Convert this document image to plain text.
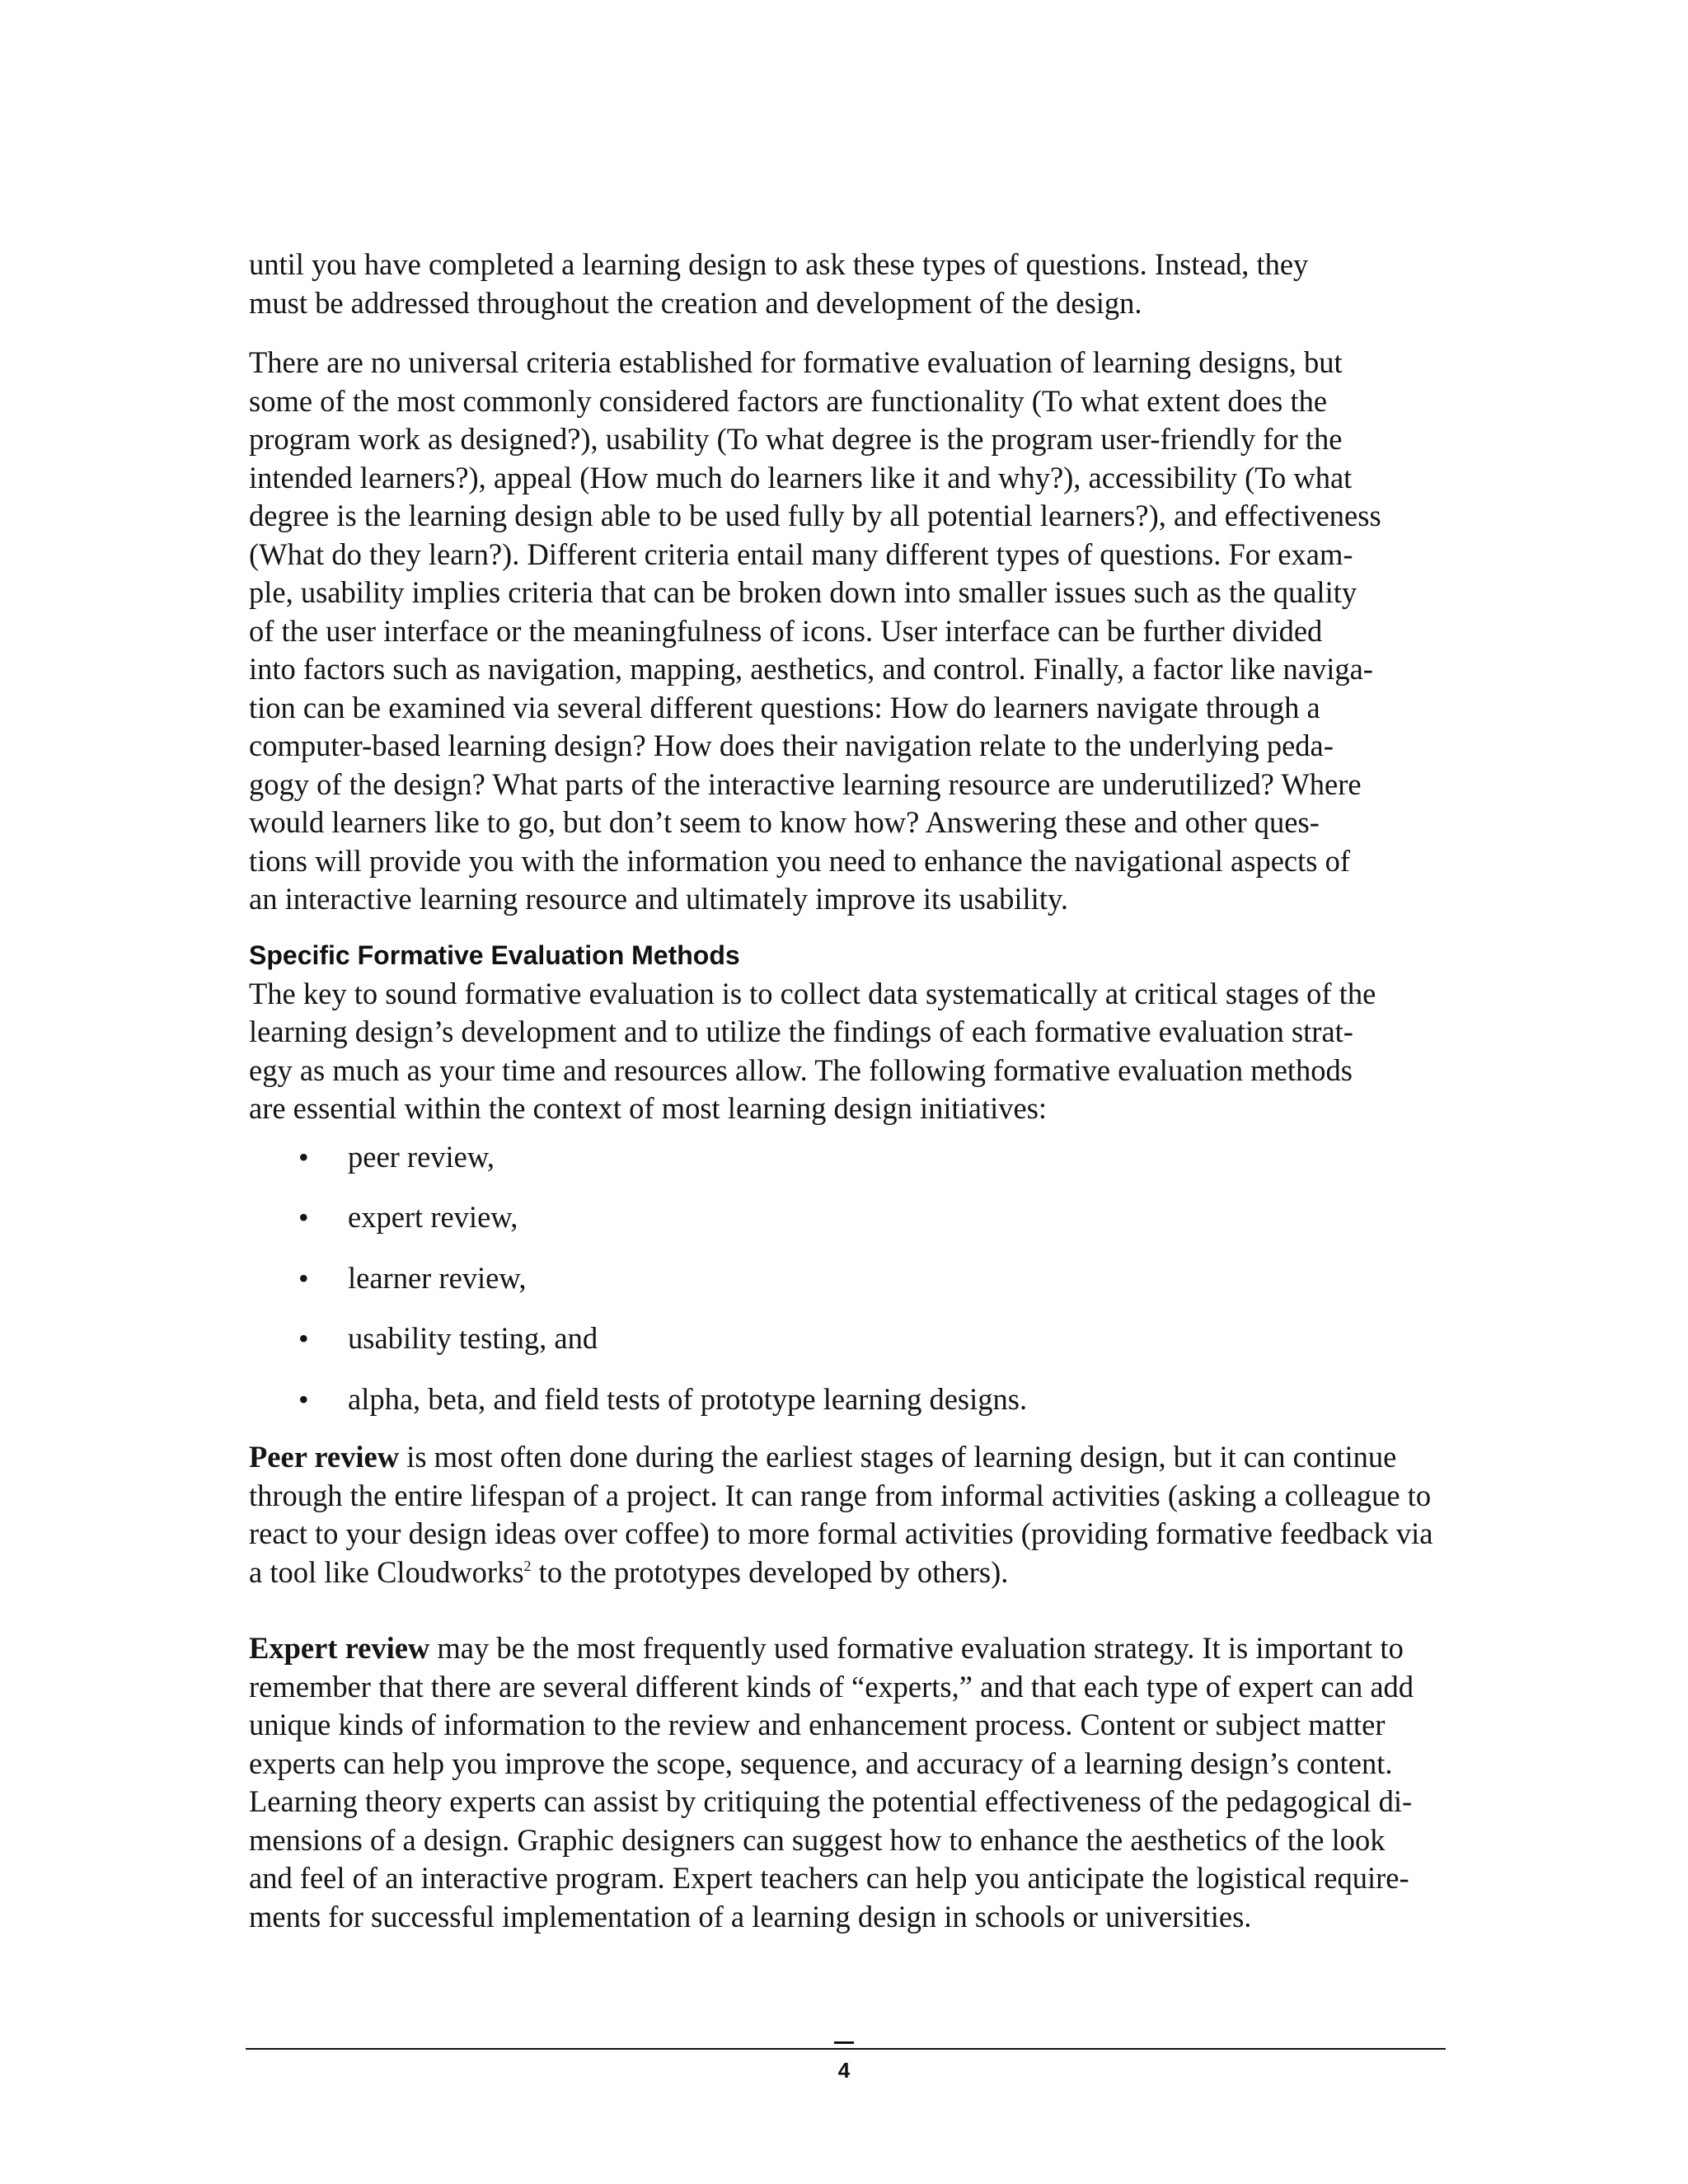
until you have completed a learning design to ask these types of questions. Instead, they
must be addressed throughout the creation and development of the design.

There are no universal criteria established for formative evaluation of learning designs, but
some of the most commonly considered factors are functionality (To what extent does the
program work as designed?), usability (To what degree is the program user-friendly for the
intended learners?), appeal (How much do learners like it and why?), accessibility (To what
degree is the learning design able to be used fully by all potential learners?), and effectiveness
(What do they learn?). Different criteria entail many different types of questions. For exam-
ple, usability implies criteria that can be broken down into smaller issues such as the quality
of the user interface or the meaningfulness of icons. User interface can be further divided
into factors such as navigation, mapping, aesthetics, and control. Finally, a factor like naviga-
tion can be examined via several different questions: How do learners navigate through a
computer-based learning design? How does their navigation relate to the underlying peda-
gogy of the design? What parts of the interactive learning resource are underutilized? Where
would learners like to go, but don’t seem to know how? Answering these and other ques-
tions will provide you with the information you need to enhance the navigational aspects of
an interactive learning resource and ultimately improve its usability.

Specific Formative Evaluation Methods

The key to sound formative evaluation is to collect data systematically at critical stages of the
learning design’s development and to utilize the findings of each formative evaluation strat-
egy as much as your time and resources allow. The following formative evaluation methods
are essential within the context of most learning design initiatives:

• peer review,
• expert review,
• learner review,
• usability testing, and
• alpha, beta, and field tests of prototype learning designs.

Peer review is most often done during the earliest stages of learning design, but it can continue
through the entire lifespan of a project. It can range from informal activities (asking a colleague to
react to your design ideas over coffee) to more formal activities (providing formative feedback via
a tool like Cloudworks$^2$ to the prototypes developed by others).

Expert review may be the most frequently used formative evaluation strategy. It is important to
remember that there are several different kinds of “experts,” and that each type of expert can add
unique kinds of information to the review and enhancement process. Content or subject matter
experts can help you improve the scope, sequence, and accuracy of a learning design’s content.
Learning theory experts can assist by critiquing the potential effectiveness of the pedagogical di-
mensions of a design. Graphic designers can suggest how to enhance the aesthetics of the look
and feel of an interactive program. Expert teachers can help you anticipate the logistical require-
ments for successful implementation of a learning design in schools or universities.

4
